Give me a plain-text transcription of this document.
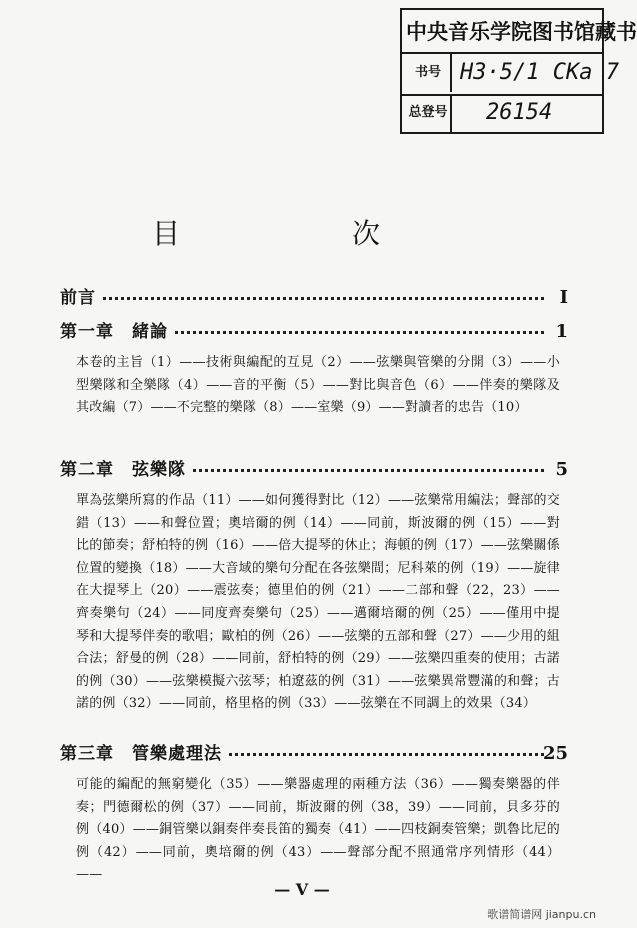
中央音乐学院图书馆藏书
书号 H3·5/1 CKa 7
总登号 26154
目　次
前言	I
第一章　緒論	1
本卷的主旨（1）——技術與編配的互見（2）——弦樂與管樂的分開（3）——小型樂隊和全樂隊（4）——音的平衡（5）——對比與音色（6）——伴奏的樂隊及其改編（7）——不完整的樂隊（8）——室樂（9）——對讀者的忠告（10）
第二章　弦樂隊	5
單為弦樂所寫的作品（11）——如何獲得對比（12）——弦樂常用編法；聲部的交錯（13）——和聲位置；奧培爾的例（14）——同前，斯波爾的例（15）——對比的節奏；舒柏特的例（16）——倍大提琴的休止；海頓的例（17）——弦樂關係位置的變換（18）——大音域的樂句分配在各弦樂間；尼科萊的例（19）——旋律在大提琴上（20）——震弦奏；德里伯的例（21）——二部和聲（22，23）——齊奏樂句（24）——同度齊奏樂句（25）——邁爾培爾的例（25）——僅用中提琴和大提琴伴奏的歌唱；歐柏的例（26）——弦樂的五部和聲（27）——少用的組合法；舒曼的例（28）——同前，舒柏特的例（29）——弦樂四重奏的使用；古諾的例（30）——弦樂模擬六弦琴；柏遼茲的例（31）——弦樂異常豐滿的和聲；古諾的例（32）——同前，格里格的例（33）——弦樂在不同調上的效果（34）
第三章　管樂處理法	25
可能的編配的無窮變化（35）——樂器處理的兩種方法（36）——獨奏樂器的伴奏；門德爾松的例（37）——同前，斯波爾的例（38，39）——同前，貝多芬的例（40）——銅管樂以銅奏伴奏長笛的獨奏（41）——四枝銅奏管樂；凱魯比尼的例（42）——同前，奧培爾的例（43）——聲部分配不照通常序列情形（44）——
— V —
歌谱简谱网 jianpu.cn
